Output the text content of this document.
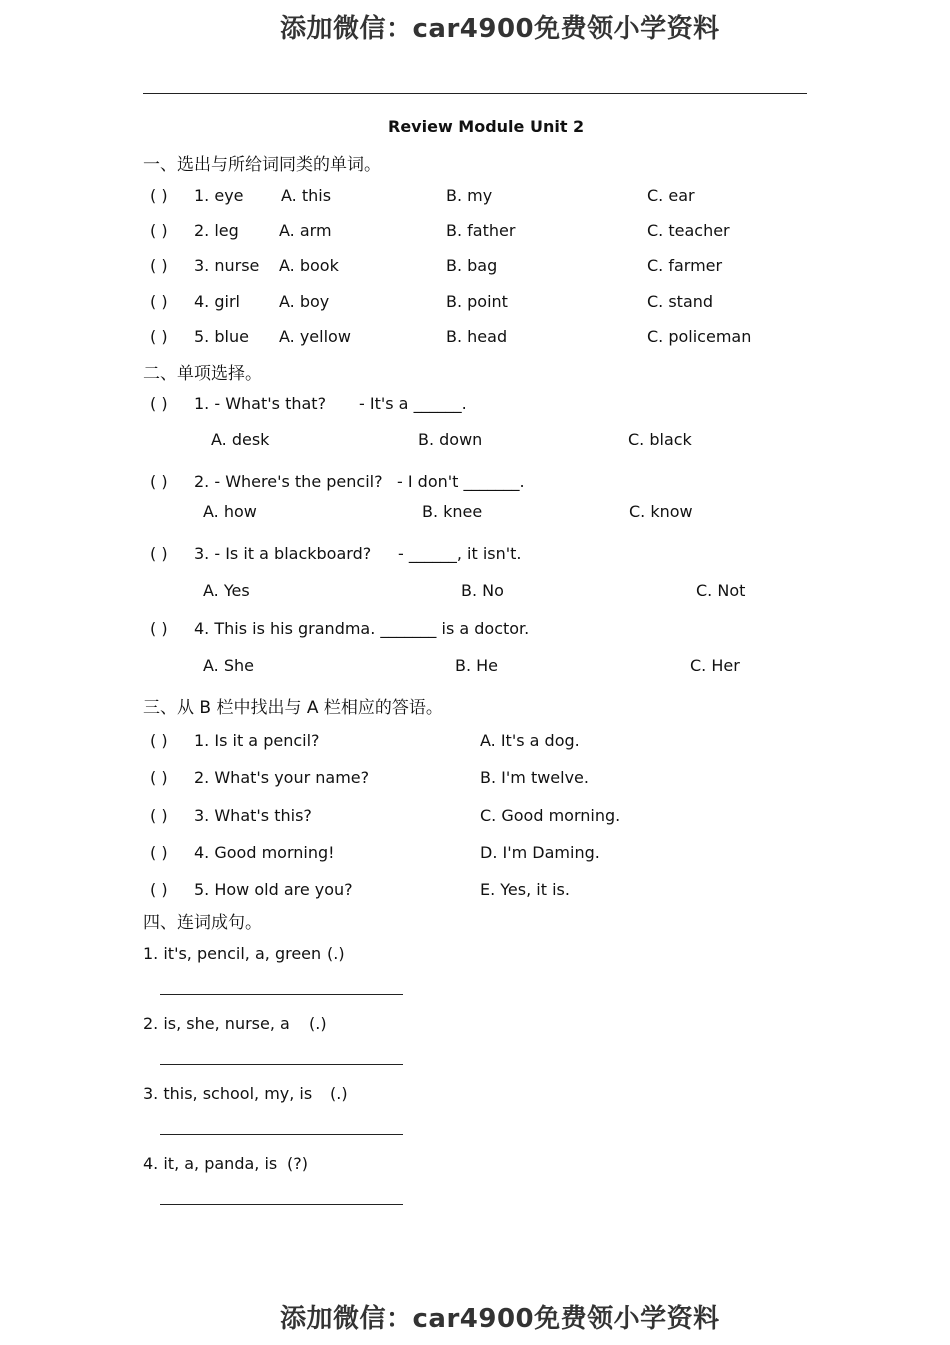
添加微信：car4900免费领小学资料
Review Module Unit 2
一、选出与所给词同类的单词。
( ) 1. eye A. this	B. my	C. ear
( ) 2. leg	A. arm	B. father	C. teacher
( ) 3. nurse A. book	B. bag	C. farmer
( ) 4. girl A. boy	B. point	C. stand
( ) 5. blue A. yellow	B. head	C. policeman
二、单项选择。
( ) 1. - What's that? - It's a ______.
A. desk	B. down	C. black
( ) 2. - Where's the pencil? - I don't _______.
A. how	B. knee	C. know
( ) 3. - Is it a blackboard? - ______, it isn't.
A. Yes	B. No	C. Not
( ) 4. This is his grandma. _______ is a doctor.
A. She	B. He	C. Her
三、从 B 栏中找出与 A 栏相应的答语。
( ) 1. Is it a pencil?	A. It's a dog.
( ) 2. What's your name?	B. I'm twelve.
( ) 3. What's this?	C. Good morning.
( ) 4. Good morning!	D. I'm Daming.
( ) 5. How old are you?	E. Yes, it is.
四、连词成句。
1. it's, pencil, a, green (.)
2. is, she, nurse, a (.)
3. this, school, my, is (.)
4. it, a, panda, is (?)
添加微信：car4900免费领小学资料
